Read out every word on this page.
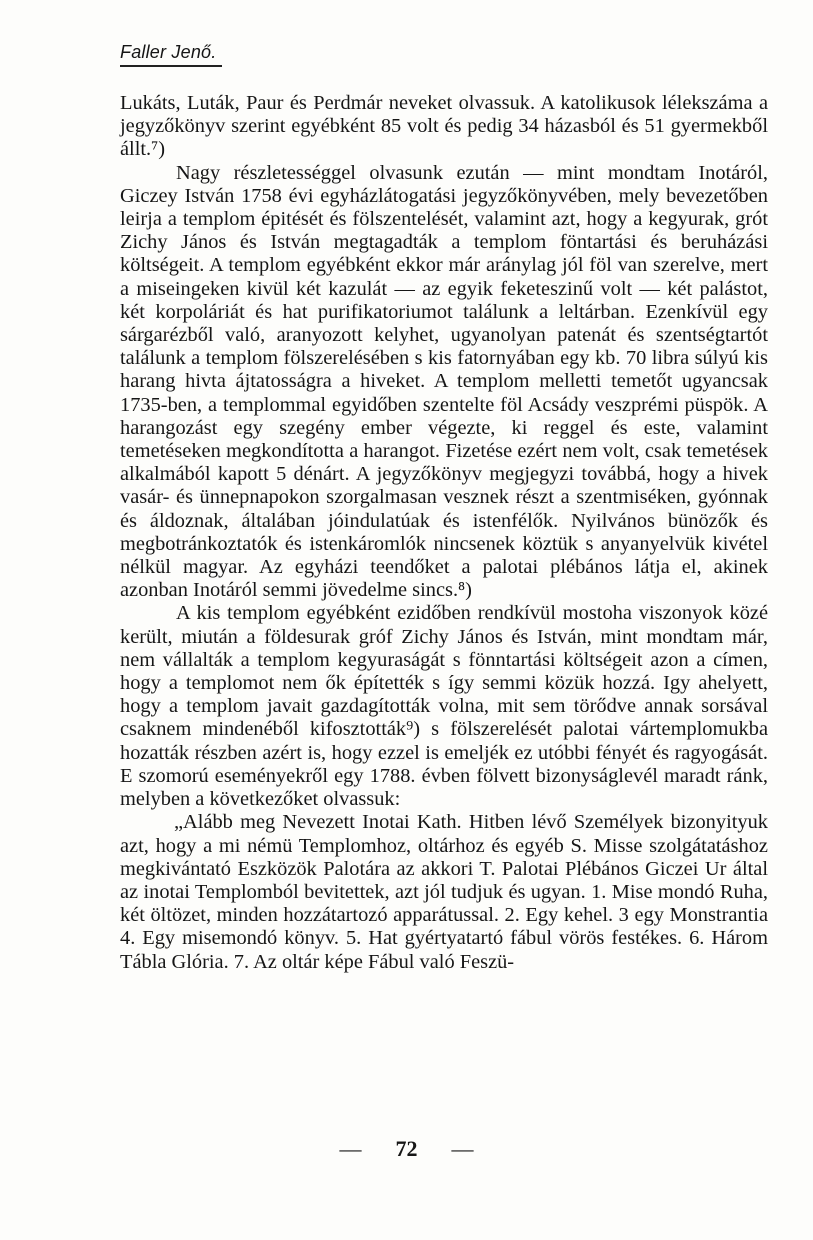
Faller Jenő.

Lukáts, Luták, Paur és Perdmár neveket olvassuk. A katolikusok lélekszáma a jegyzőkönyv szerint egyébként 85 volt és pedig 34 házasból és 51 gyermekből állt.⁷)

Nagy részletességgel olvasunk ezután — mint mondtam Inotáról, Giczey István 1758 évi egyházlátogatási jegyzőkönyvében, mely bevezetőben leirja a templom épitését és fölszentelését, valamint azt, hogy a kegyurak, grót Zichy János és István megtagadták a templom föntartási és beruházási költségeit. A templom egyébként ekkor már aránylag jól föl van szerelve, mert a miseingeken kivül két kazulát — az egyik feketeszinű volt — két palástot, két korpoláriát és hat purifikatoriumot találunk a leltárban. Ezenkívül egy sárgarézből való, aranyozott kelyhet, ugyanolyan patenát és szentségtartót találunk a templom fölszerelésében s kis fatornyában egy kb. 70 libra súlyú kis harang hivta ájtatosságra a hiveket. A templom melletti temetőt ugyancsak 1735-ben, a templommal egyidőben szentelte föl Acsády veszprémi püspök. A harangozást egy szegény ember végezte, ki reggel és este, valamint temetéseken megkondította a harangot. Fizetése ezért nem volt, csak temetések alkalmából kapott 5 dénárt. A jegyzőkönyv megjegyzi továbbá, hogy a hivek vasár- és ünnepnapokon szorgalmasan vesznek részt a szentmiséken, gyónnak és áldoznak, általában jóindulatúak és istenfélők. Nyilvános bünözők és megbotránkoztatók és istenkáromlók nincsenek köztük s anyanyelvük kivétel nélkül magyar. Az egyházi teendőket a palotai plébános látja el, akinek azonban Inotáról semmi jövedelme sincs.⁸)

A kis templom egyébként ezidőben rendkívül mostoha viszonyok közé került, miután a földesurak gróf Zichy János és István, mint mondtam már, nem vállalták a templom kegyuraságát s fönntartási költségeit azon a címen, hogy a templomot nem ők építették s így semmi közük hozzá. Igy ahelyett, hogy a templom javait gazdagították volna, mit sem törődve annak sorsával csaknem mindenéből kifosztották⁹) s fölszerelését palotai vártemplomukba hozatták részben azért is, hogy ezzel is emeljék ez utóbbi fényét és ragyogását. E szomorú eseményekről egy 1788. évben fölvett bizonyságlevél maradt ránk, melyben a következőket olvassuk:

„Alább meg Nevezett Inotai Kath. Hitben lévő Személyek bizonyityuk azt, hogy a mi némü Templomhoz, oltárhoz és egyéb S. Misse szolgátatáshoz megkivántató Eszközök Palotára az akkori T. Palotai Plébános Giczei Ur által az inotai Templomból bevitettek, azt jól tudjuk és ugyan. 1. Mise mondó Ruha, két öltözet, minden hozzátartozó apparátussal. 2. Egy kehel. 3 egy Monstrantia 4. Egy misemondó könyv. 5. Hat gyértyatartó fábul vörös festékes. 6. Három Tábla Glória. 7. Az oltár képe Fábul való Feszü-

— 72 —
